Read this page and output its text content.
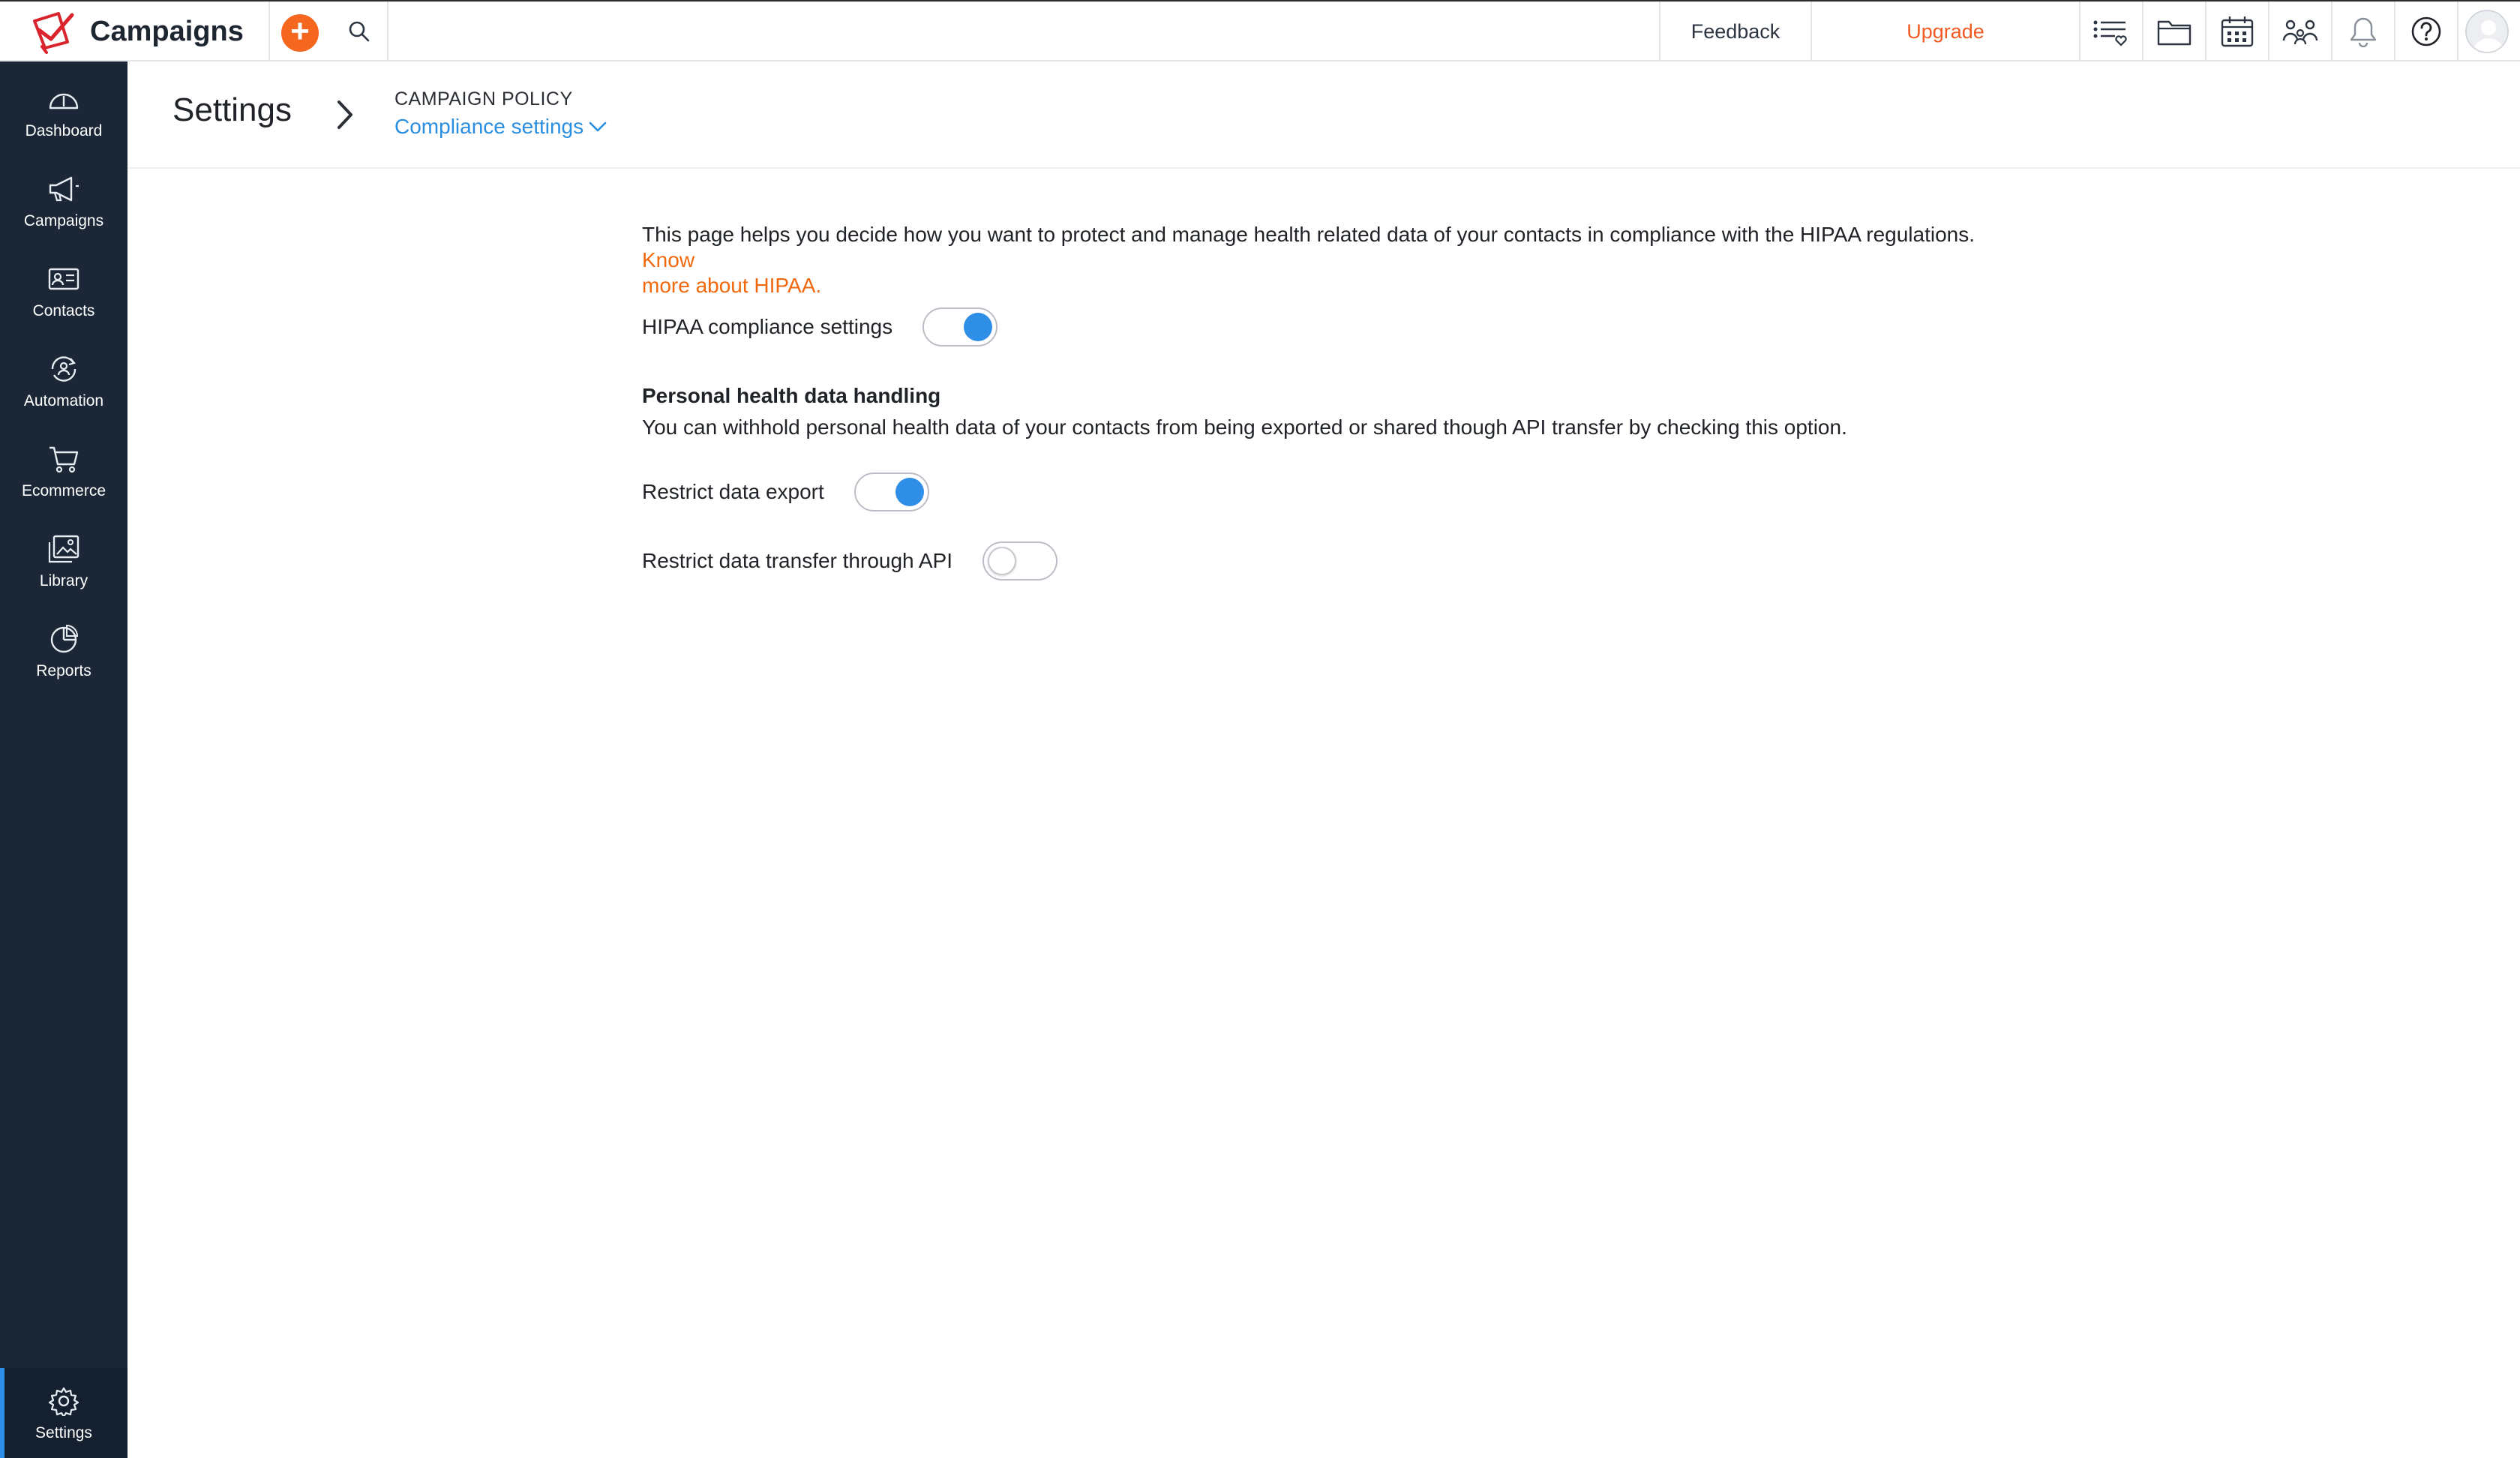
Campaigns +	Feedback	Upgrade
Dashboard
Campaigns
Contacts
Automation
Ecommerce
Library
Reports
Settings
Settings	CAMPAIGN POLICY
Compliance settings

This page helps you decide how you want to protect and manage health related data of your contacts in compliance with the HIPAA regulations. Know
more about HIPAA.

HIPAA compliance settings
Personal health data handling
You can withhold personal health data of your contacts from being exported or shared though API transfer by checking this option.
Restrict data export
Restrict data transfer through API
